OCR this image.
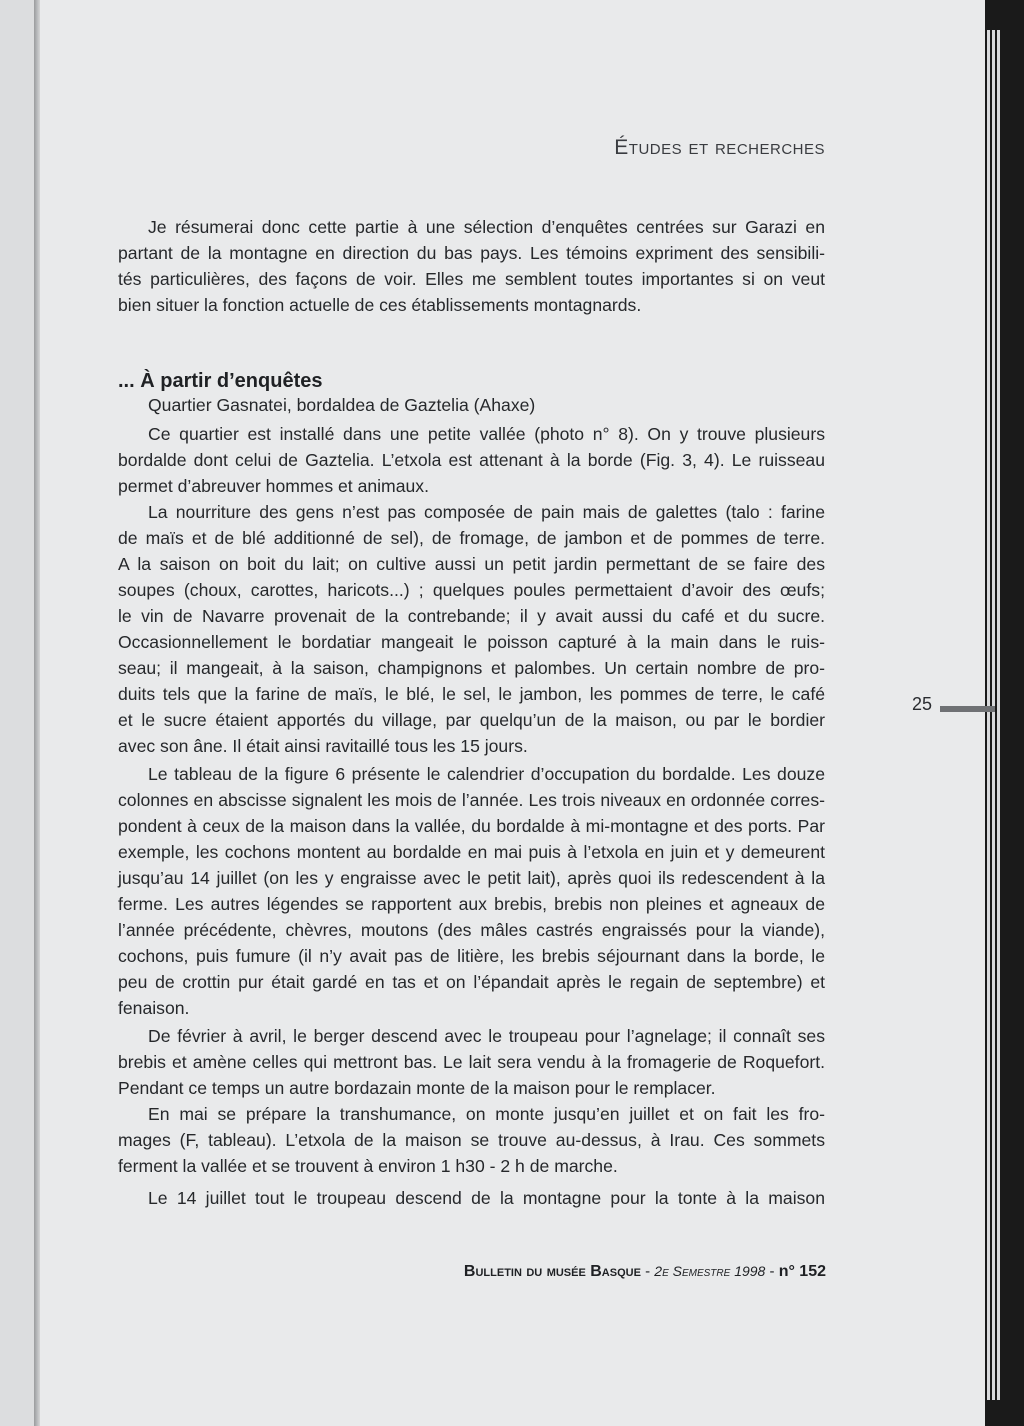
Études et recherches
Je résumerai donc cette partie à une sélection d’enquêtes centrées sur Garazi en
partant de la montagne en direction du bas pays. Les témoins expriment des sensibili-
tés particulières, des façons de voir. Elles me semblent toutes importantes si on veut
bien situer la fonction actuelle de ces établissements montagnards.
... À partir d’enquêtes
Quartier Gasnatei, bordaldea de Gaztelia (Ahaxe)
Ce quartier est installé dans une petite vallée (photo n° 8). On y trouve plusieurs
bordalde dont celui de Gaztelia. L’etxola est attenant à la borde (Fig. 3, 4). Le ruisseau
permet d’abreuver hommes et animaux.
La nourriture des gens n’est pas composée de pain mais de galettes (talo : farine
de maïs et de blé additionné de sel), de fromage, de jambon et de pommes de terre.
A la saison on boit du lait; on cultive aussi un petit jardin permettant de se faire des
soupes (choux, carottes, haricots...) ; quelques poules permettaient d’avoir des œufs;
le vin de Navarre provenait de la contrebande; il y avait aussi du café et du sucre.
Occasionnellement le bordatiar mangeait le poisson capturé à la main dans le ruis-
seau; il mangeait, à la saison, champignons et palombes. Un certain nombre de pro-
duits tels que la farine de maïs, le blé, le sel, le jambon, les pommes de terre, le café
et le sucre étaient apportés du village, par quelqu’un de la maison, ou par le bordier
avec son âne. Il était ainsi ravitaillé tous les 15 jours.
Le tableau de la figure 6 présente le calendrier d’occupation du bordalde. Les douze
colonnes en abscisse signalent les mois de l’année. Les trois niveaux en ordonnée corres-
pondent à ceux de la maison dans la vallée, du bordalde à mi-montagne et des ports. Par
exemple, les cochons montent au bordalde en mai puis à l’etxola en juin et y demeurent
jusqu’au 14 juillet (on les y engraisse avec le petit lait), après quoi ils redescendent à la
ferme. Les autres légendes se rapportent aux brebis, brebis non pleines et agneaux de
l’année précédente, chèvres, moutons (des mâles castrés engraissés pour la viande),
cochons, puis fumure (il n’y avait pas de litière, les brebis séjournant dans la borde, le
peu de crottin pur était gardé en tas et on l’épandait après le regain de septembre) et
fenaison.
De février à avril, le berger descend avec le troupeau pour l’agnelage; il connaît ses
brebis et amène celles qui mettront bas. Le lait sera vendu à la fromagerie de Roquefort.
Pendant ce temps un autre bordazain monte de la maison pour le remplacer.
En mai se prépare la transhumance, on monte jusqu’en juillet et on fait les fro-
mages (F, tableau). L’etxola de la maison se trouve au-dessus, à Irau. Ces sommets
ferment la vallée et se trouvent à environ 1 h30 - 2 h de marche.
Le 14 juillet tout le troupeau descend de la montagne pour la tonte à la maison
25
Bulletin du musée Basque - 2e Semestre 1998 - n° 152
